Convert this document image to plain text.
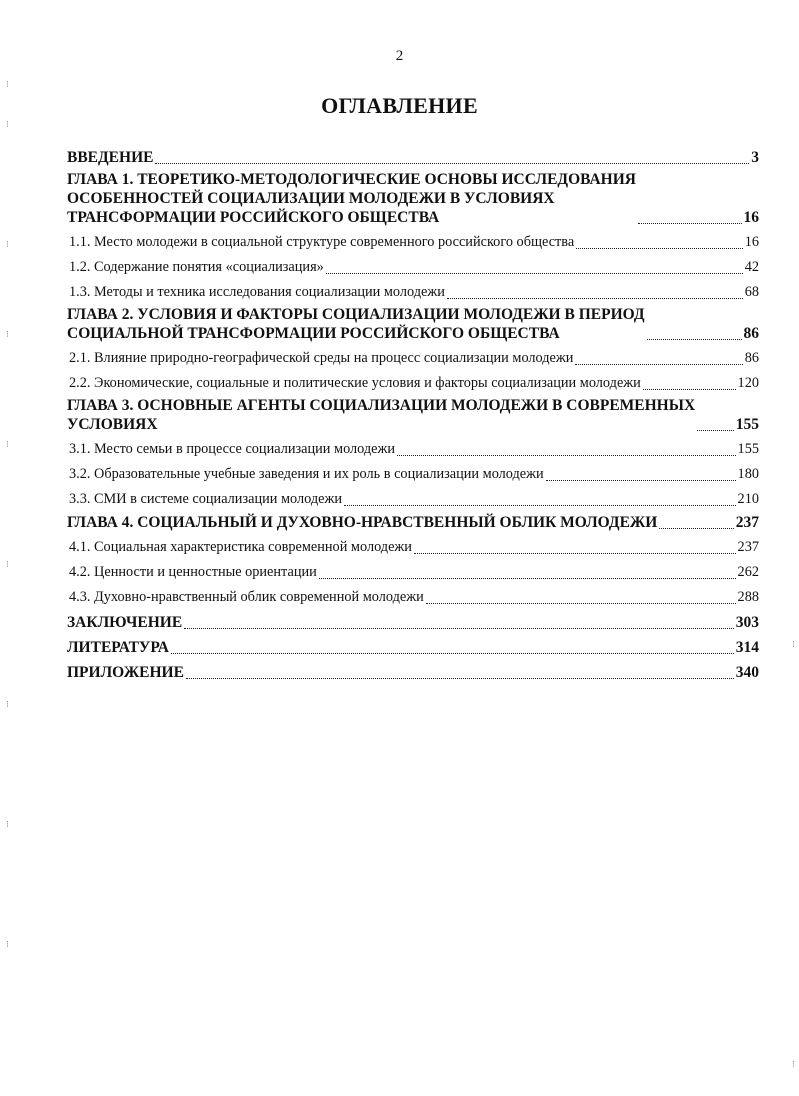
2
ОГЛАВЛЕНИЕ
ВВЕДЕНИЕ	3
ГЛАВА 1. ТЕОРЕТИКО-МЕТОДОЛОГИЧЕСКИЕ ОСНОВЫ ИССЛЕДОВАНИЯ
ОСОБЕННОСТЕЙ СОЦИАЛИЗАЦИИ МОЛОДЕЖИ В УСЛОВИЯХ
ТРАНСФОРМАЦИИ РОССИЙСКОГО ОБЩЕСТВА	16
1.1. Место молодежи в социальной структуре современного российского общества	16
1.2. Содержание понятия «социализация»	42
1.3. Методы и техника исследования социализации молодежи	68
ГЛАВА 2. УСЛОВИЯ И ФАКТОРЫ СОЦИАЛИЗАЦИИ МОЛОДЕЖИ В ПЕРИОД
СОЦИАЛЬНОЙ ТРАНСФОРМАЦИИ РОССИЙСКОГО ОБЩЕСТВА	86
2.1. Влияние природно-географической среды на процесс социализации молодежи	86
2.2. Экономические, социальные и политические условия и факторы социализации молодежи	120
ГЛАВА 3. ОСНОВНЫЕ АГЕНТЫ СОЦИАЛИЗАЦИИ МОЛОДЕЖИ В СОВРЕМЕННЫХ
УСЛОВИЯХ	155
3.1. Место семьи в процессе социализации молодежи	155
3.2. Образовательные учебные заведения и их роль в социализации молодежи	180
3.3. СМИ в системе социализации молодежи	210
ГЛАВА 4. СОЦИАЛЬНЫЙ И ДУХОВНО-НРАВСТВЕННЫЙ ОБЛИК МОЛОДЕЖИ	237
4.1. Социальная характеристика современной молодежи	237
4.2. Ценности и ценностные ориентации	262
4.3. Духовно-нравственный облик современной молодежи	288
ЗАКЛЮЧЕНИЕ	303
ЛИТЕРАТУРА	314
ПРИЛОЖЕНИЕ	340
⁝
⁝
⁝
⁝
⁝
⁝
⁝
⁝
⁝
⁝
⁝
